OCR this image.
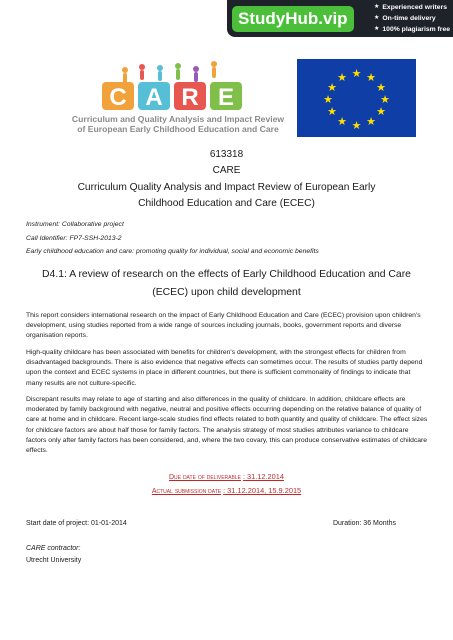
StudyHub.vip
★ Experienced writers
★ On-time delivery
★ 100% plagiarism free
C A R E
Curriculum and Quality Analysis and Impact Review
of European Early Childhood Education and Care
★ ★
★
★
★
★
★
★
★
★
★
★
613318
CARE
Curriculum Quality Analysis and Impact Review of European Early Childhood Education and Care (ECEC)
Instrument: Collaborative project
Call Identifier: FP7-SSH-2013-2
Early childhood education and care: promoting quality for individual, social and economic benefits
D4.1: A review of research on the effects of Early Childhood Education and Care (ECEC) upon child development
This report considers international research on the impact of Early Childhood Education and Care (ECEC) provision upon children's development, using studies reported from a wide range of sources including journals, books, government reports and diverse organisation reports.
High-quality childcare has been associated with benefits for children's development, with the strongest effects for children from disadvantaged backgrounds. There is also evidence that negative effects can sometimes occur. The results of studies partly depend upon the context and ECEC systems in place in different countries, but there is sufficient commonality of findings to indicate that many results are not culture-specific.
Discrepant results may relate to age of starting and also differences in the quality of childcare. In addition, childcare effects are moderated by family background with negative, neutral and positive effects occurring depending on the relative balance of quality of care at home and in childcare. Recent large-scale studies find effects related to both quantity and quality of childcare. The effect sizes for childcare factors are about half those for family factors. The analysis strategy of most studies attributes variance to childcare factors only after family factors has been considered, and, where the two covary, this can produce conservative estimates of childcare effects.
Due date of deliverable : 31.12.2014
Actual submission date : 31.12.2014, 15.9.2015
Start date of project: 01-01-2014	Duration: 36 Months
CARE contractor:
Utrecht University
